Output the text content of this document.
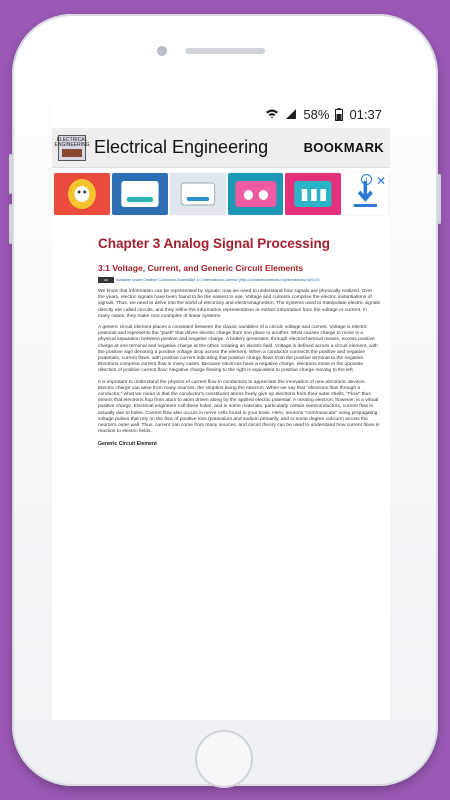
58% 01:37
ELECTRICAL ENGINEERING Electrical Engineering	BOOKMARK
i ✕
Chapter 3 Analog Signal Processing
3.1 Voltage, Current, and Generic Circuit Elements
cc Available under Creative Commons-ShareAlike 4.0 International License (http://creativecommons.org/licenses/by-sa/4.0/).

We know that information can be represented by signals; now we need to understand how signals are physically realized. Over the years, electric signals have been found to be the easiest to use. Voltage and currents comprise the electric instantiations of signals. Thus, we need to delve into the world of electricity and electromagnetism. The systems used to manipulate electric signals directly are called circuits, and they refine the information representation or extract information from the voltage or current. In many cases, they make nice examples of linear systems.

A generic circuit element places a constraint between the classic variables of a circuit: voltage and current. Voltage is electric potential and represents the "push" that drives electric charge from one place to another. What causes charge to move is a physical separation between positive and negative charge. A battery generates, through electrochemical means, excess positive charge at one terminal and negative charge at the other, creating an electric field. Voltage is defined across a circuit element, with the positive sign denoting a positive voltage drop across the element. When a conductor connects the positive and negative potentials, current flows, with positive current indicating that positive charge flows from the positive terminal to the negative. Electrons comprise current flow in many cases. Because electrons have a negative charge, electrons move in the opposite direction of positive current flow: Negative charge flowing to the right is equivalent to positive charge moving to the left.

It is important to understand the physics of current flow in conductors to appreciate the innovation of new electronic devices. Electric charge can arise from many sources, the simplest being the electron. When we say that "electrons flow through a conductor," what we mean is that the conductor's constituent atoms freely give up electrons from their outer shells. "Flow" thus means that electrons hop from atom to atom driven along by the applied electric potential. A missing electron, however, is a virtual positive charge. Electrical engineers call these holes, and in some materials, particularly certain semiconductors, current flow is actually due to holes. Current flow also occurs in nerve cells found in your brain. Here, neurons "communicate" using propagating voltage pulses that rely on the flow of positive ions (potassium and sodium primarily, and to some degree calcium) across the neuron's outer wall. Thus, current can come from many sources, and circuit theory can be used to understand how current flows in reaction to electric fields.

Generic Circuit Element
